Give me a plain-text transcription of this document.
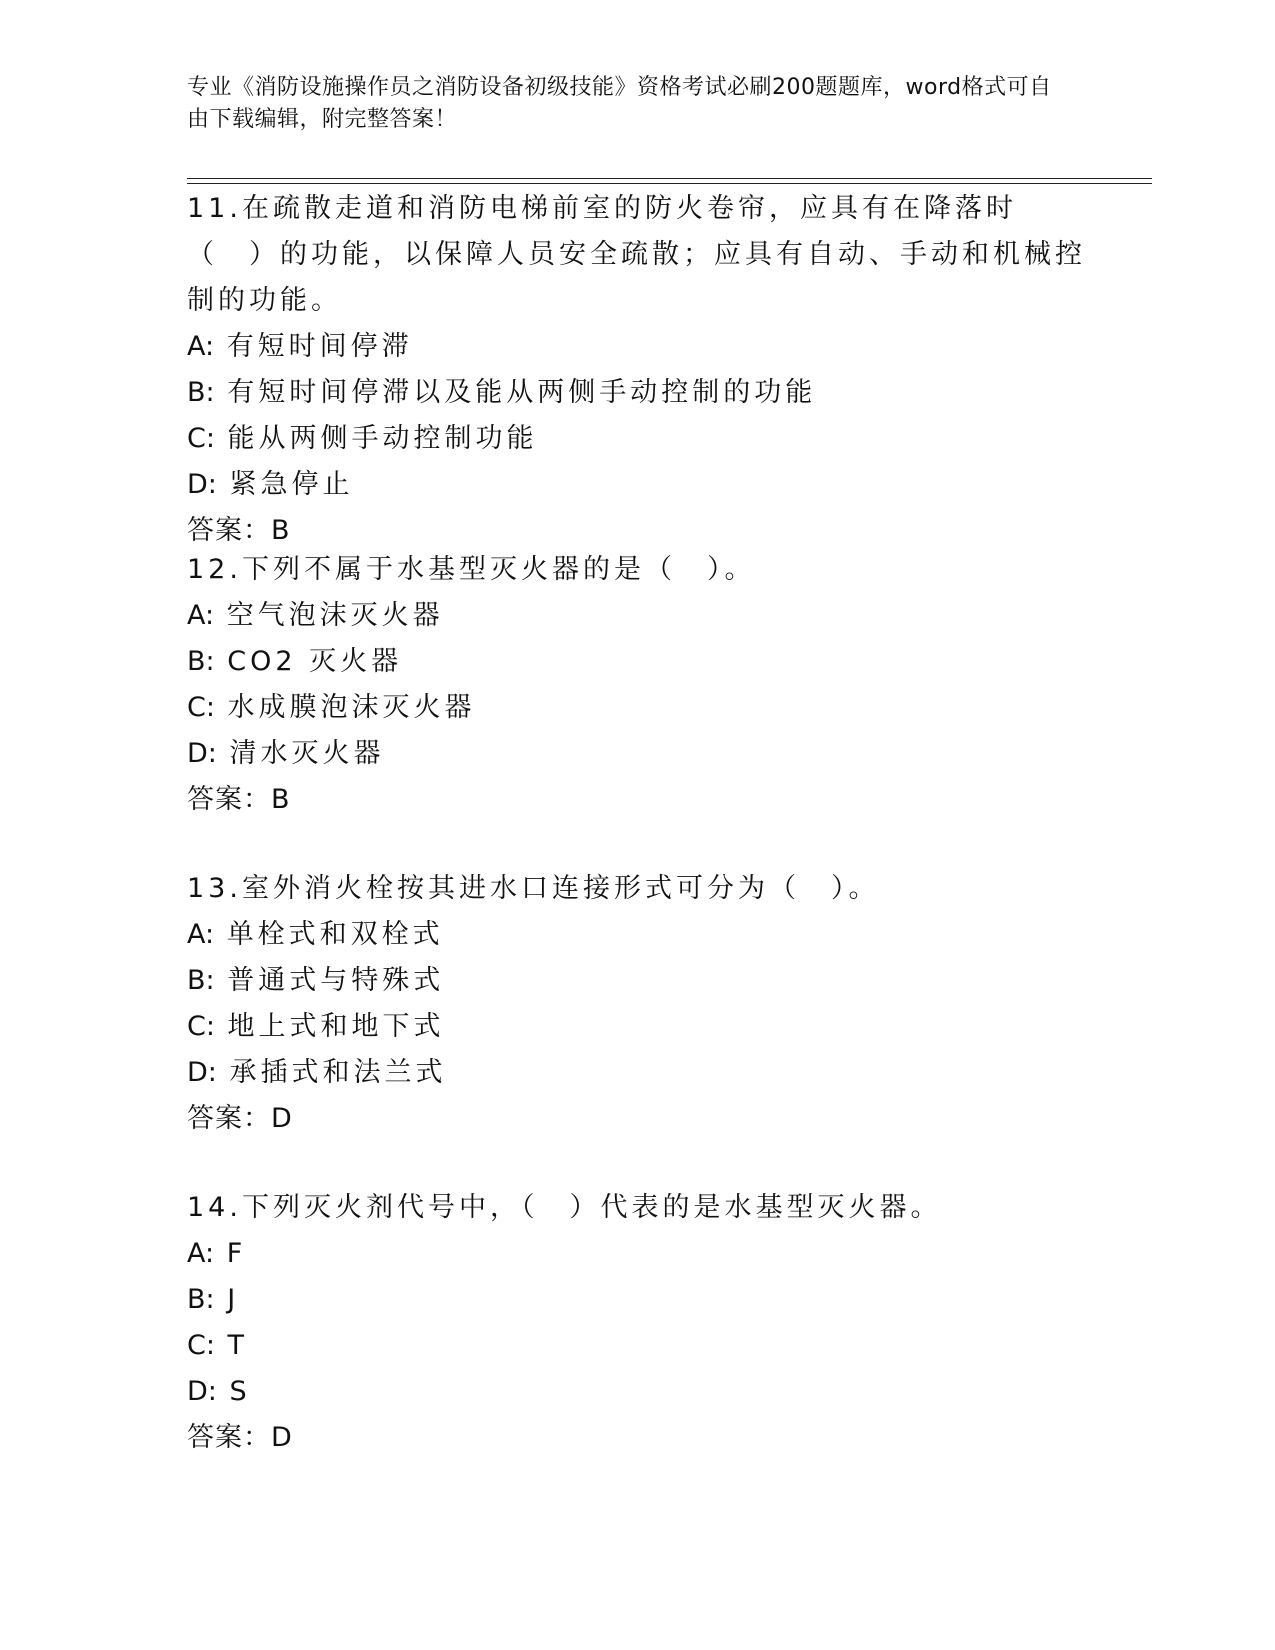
专业《消防设施操作员之消防设备初级技能》资格考试必刷200题题库，word格式可自由下载编辑，附完整答案！

11.在疏散走道和消防电梯前室的防火卷帘，应具有在降落时（　）的功能，以保障人员安全疏散；应具有自动、手动和机械控制的功能。

A: 有短时间停滞

B: 有短时间停滞以及能从两侧手动控制的功能

C: 能从两侧手动控制功能

D: 紧急停止

答案：B

12.下列不属于水基型灭火器的是（　）。

A: 空气泡沫灭火器

B: CO2 灭火器

C: 水成膜泡沫灭火器

D: 清水灭火器

答案：B

13.室外消火栓按其进水口连接形式可分为（　）。

A: 单栓式和双栓式

B: 普通式与特殊式

C: 地上式和地下式

D: 承插式和法兰式

答案：D

14.下列灭火剂代号中，（　）代表的是水基型灭火器。

A: F

B: J

C: T

D: S

答案：D
